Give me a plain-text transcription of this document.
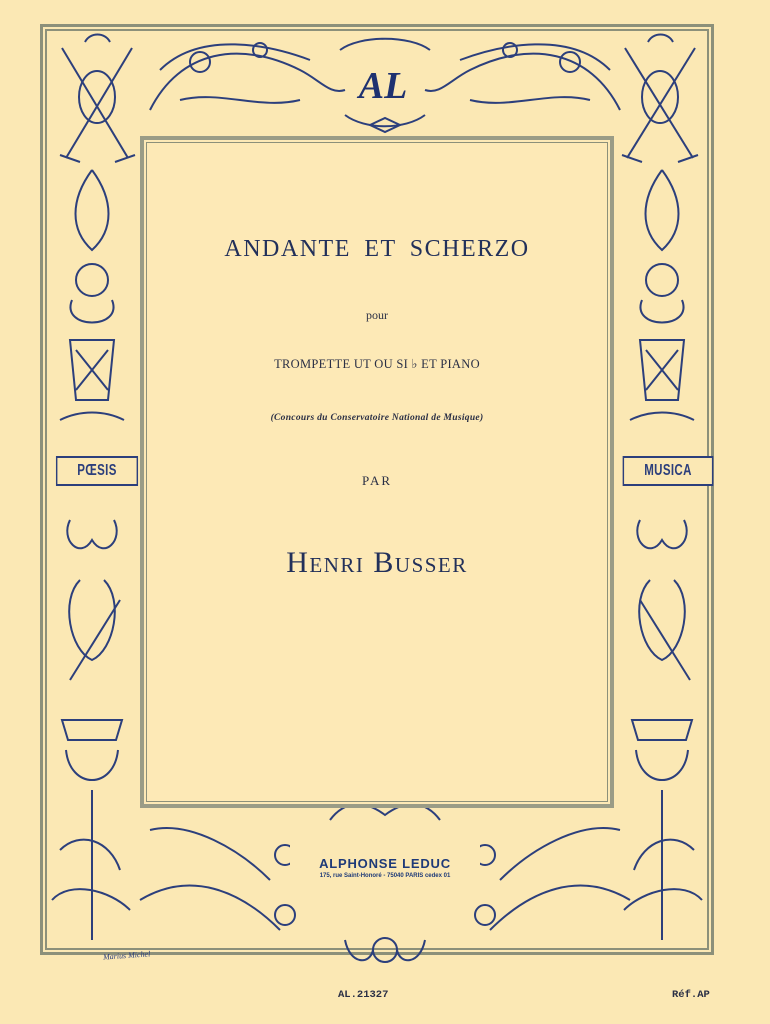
AL
PŒSIS	MUSICA
ANDANTE ET SCHERZO
pour
TROMPETTE UT OU SI ♭ ET PIANO
(Concours du Conservatoire National de Musique)
PAR
Henri Busser
ALPHONSE LEDUC
175, rue Saint-Honoré - 75040 PARIS cedex 01
Marius Michel
AL.21327	Réf.AP
